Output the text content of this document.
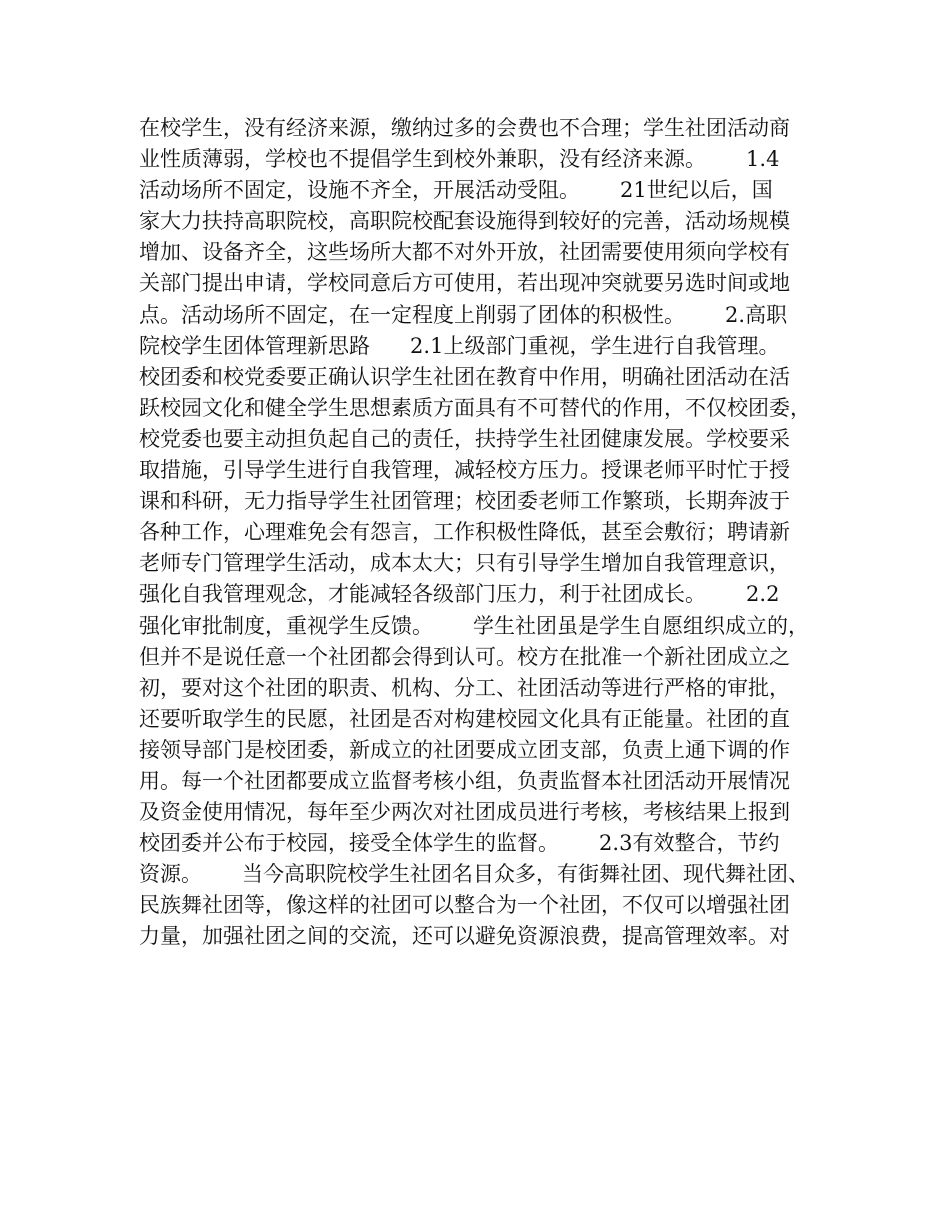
在校学生，没有经济来源，缴纳过多的会费也不合理；学生社团活动商

业性质薄弱，学校也不提倡学生到校外兼职，没有经济来源。      1.4

活动场所不固定，设施不齐全，开展活动受阻。      21世纪以后，国

家大力扶持高职院校，高职院校配套设施得到较好的完善，活动场规模

增加、设备齐全，这些场所大都不对外开放，社团需要使用须向学校有

关部门提出申请，学校同意后方可使用，若出现冲突就要另选时间或地

点。活动场所不固定，在一定程度上削弱了团体的积极性。      2.高职

院校学生团体管理新思路      2.1上级部门重视，学生进行自我管理。

校团委和校党委要正确认识学生社团在教育中作用，明确社团活动在活

跃校园文化和健全学生思想素质方面具有不可替代的作用，不仅校团委，

校党委也要主动担负起自己的责任，扶持学生社团健康发展。学校要采

取措施，引导学生进行自我管理，减轻校方压力。授课老师平时忙于授

课和科研，无力指导学生社团管理；校团委老师工作繁琐，长期奔波于

各种工作，心理难免会有怨言，工作积极性降低，甚至会敷衍；聘请新

老师专门管理学生活动，成本太大；只有引导学生增加自我管理意识，

强化自我管理观念，才能减轻各级部门压力，利于社团成长。      2.2

强化审批制度，重视学生反馈。      学生社团虽是学生自愿组织成立的，

但并不是说任意一个社团都会得到认可。校方在批准一个新社团成立之

初，要对这个社团的职责、机构、分工、社团活动等进行严格的审批，

还要听取学生的民愿，社团是否对构建校园文化具有正能量。社团的直

接领导部门是校团委，新成立的社团要成立团支部，负责上通下调的作

用。每一个社团都要成立监督考核小组，负责监督本社团活动开展情况

及资金使用情况，每年至少两次对社团成员进行考核，考核结果上报到

校团委并公布于校园，接受全体学生的监督。      2.3有效整合，节约

资源。      当今高职院校学生社团名目众多，有街舞社团、现代舞社团、

民族舞社团等，像这样的社团可以整合为一个社团，不仅可以增强社团

力量，加强社团之间的交流，还可以避免资源浪费，提高管理效率。对
